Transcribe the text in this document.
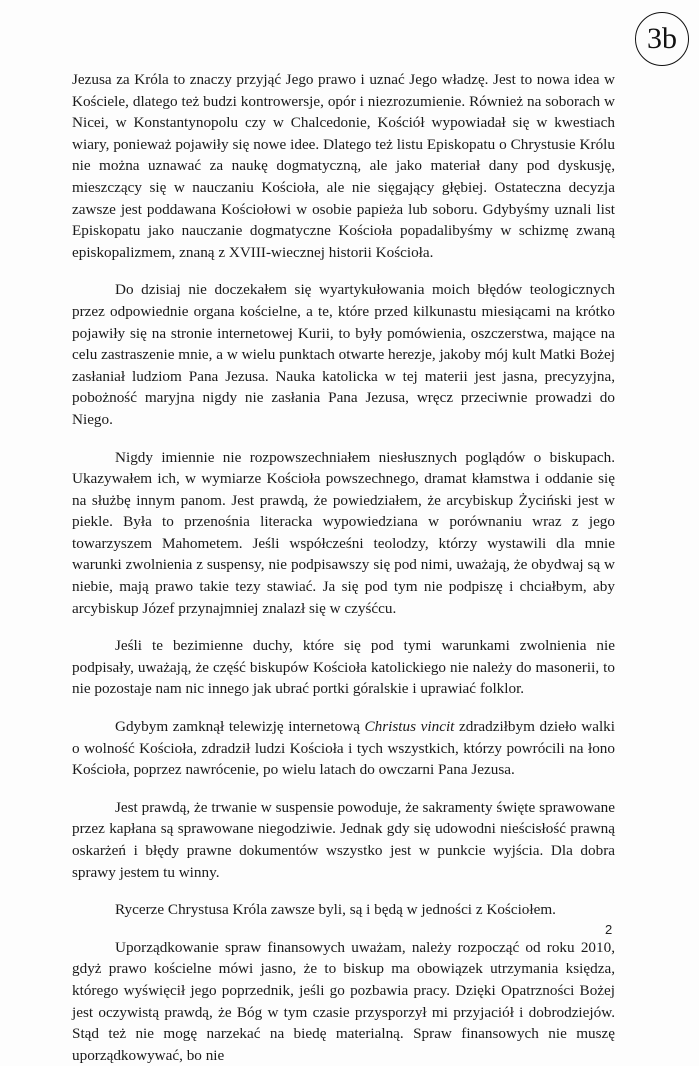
3b

Jezusa za Króla to znaczy przyjąć Jego prawo i uznać Jego władzę. Jest to nowa idea w Kościele, dlatego też budzi kontrowersje, opór i niezrozumienie. Również na soborach w Nicei, w Konstantynopolu czy w Chalcedonie, Kościół wypowiadał się w kwestiach wiary, ponieważ pojawiły się nowe idee. Dlatego też listu Episkopatu o Chrystusie Królu nie można uznawać za naukę dogmatyczną, ale jako materiał dany pod dyskusję, mieszczący się w nauczaniu Kościoła, ale nie sięgający głębiej. Ostateczna decyzja zawsze jest poddawana Kościołowi w osobie papieża lub soboru. Gdybyśmy uznali list Episkopatu jako nauczanie dogmatyczne Kościoła popadalibyśmy w schizmę zwaną episkopalizmem, znaną z XVIII-wiecznej historii Kościoła.

Do dzisiaj nie doczekałem się wyartykułowania moich błędów teologicznych przez odpowiednie organa kościelne, a te, które przed kilkunastu miesiącami na krótko pojawiły się na stronie internetowej Kurii, to były pomówienia, oszczerstwa, mające na celu zastraszenie mnie, a w wielu punktach otwarte herezje, jakoby mój kult Matki Bożej zasłaniał ludziom Pana Jezusa. Nauka katolicka w tej materii jest jasna, precyzyjna, pobożność maryjna nigdy nie zasłania Pana Jezusa, wręcz przeciwnie prowadzi do Niego.

Nigdy imiennie nie rozpowszechniałem niesłusznych poglądów o biskupach. Ukazywałem ich, w wymiarze Kościoła powszechnego, dramat kłamstwa i oddanie się na służbę innym panom. Jest prawdą, że powiedziałem, że arcybiskup Życiński jest w piekle. Była to przenośnia literacka wypowiedziana w porównaniu wraz z jego towarzyszem Mahometem. Jeśli współcześni teolodzy, którzy wystawili dla mnie warunki zwolnienia z suspensy, nie podpisawszy się pod nimi, uważają, że obydwaj są w niebie, mają prawo takie tezy stawiać. Ja się pod tym nie podpiszę i chciałbym, aby arcybiskup Józef przynajmniej znalazł się w czyśćcu.

Jeśli te bezimienne duchy, które się pod tymi warunkami zwolnienia nie podpisały, uważają, że część biskupów Kościoła katolickiego nie należy do masonerii, to nie pozostaje nam nic innego jak ubrać portki góralskie i uprawiać folklor.

Gdybym zamknął telewizję internetową Christus vincit zdradziłbym dzieło walki o wolność Kościoła, zdradził ludzi Kościoła i tych wszystkich, którzy powrócili na łono Kościoła, poprzez nawrócenie, po wielu latach do owczarni Pana Jezusa.

Jest prawdą, że trwanie w suspensie powoduje, że sakramenty święte sprawowane przez kapłana są sprawowane niegodziwie. Jednak gdy się udowodni nieścisłość prawną oskarżeń i błędy prawne dokumentów wszystko jest w punkcie wyjścia. Dla dobra sprawy jestem tu winny.

Rycerze Chrystusa Króla zawsze byli, są i będą w jedności z Kościołem.

Uporządkowanie spraw finansowych uważam, należy rozpocząć od roku 2010, gdyż prawo kościelne mówi jasno, że to biskup ma obowiązek utrzymania księdza, którego wyświęcił jego poprzednik, jeśli go pozbawia pracy. Dzięki Opatrzności Bożej jest oczywistą prawdą, że Bóg w tym czasie przysporzył mi przyjaciół i dobrodziejów. Stąd też nie mogę narzekać na biedę materialną. Spraw finansowych nie muszę uporządkowywać, bo nie

2
